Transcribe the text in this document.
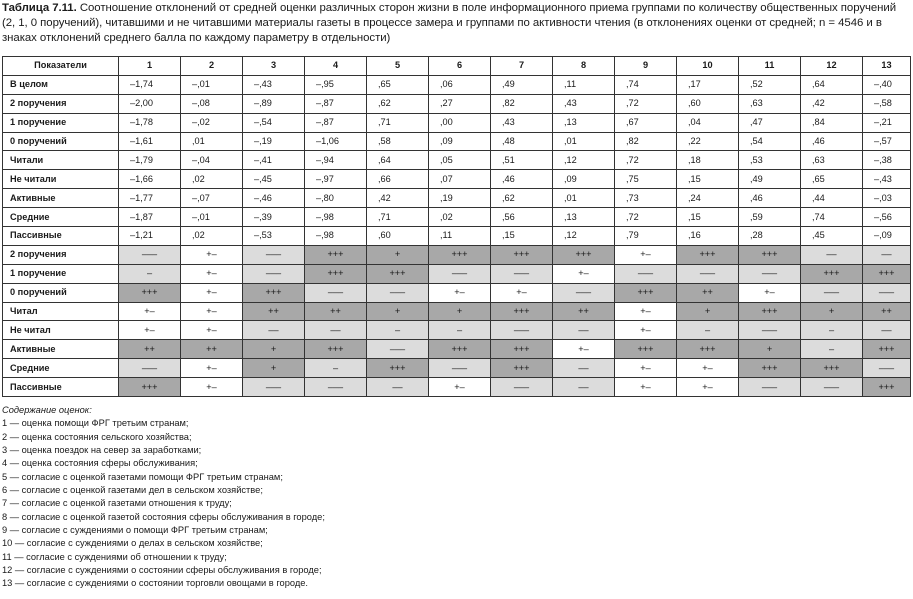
Таблица 7.11. Соотношение отклонений от средней оценки различных сторон жизни в поле информационного приема группами по количеству общественных поручений (2, 1, 0 поручений), читавшими и не читавшими материалы газеты в процессе замера и группами по активности чтения (в отклонениях оценки от средней; n = 4546 и в знаках отклонений среднего балла по каждому параметру в отдельности)
Показатели	1	2	3	4	5	6	7	8	9	10	11	12	13
В целом	–1,74	–,01	–,43	–,95	,65	,06	,49	,11	,74	,17	,52	,64	–,40
2 поручения	–2,00	–,08	–,89	–,87	,62	,27	,82	,43	,72	,60	,63	,42	–,58
1 поручение	–1,78	–,02	–,54	–,87	,71	,00	,43	,13	,67	,04	,47	,84	–,21
0 поручений	–1,61	,01	–,19	–1,06	,58	,09	,48	,01	,82	,22	,54	,46	–,57
Читали	–1,79	–,04	–,41	–,94	,64	,05	,51	,12	,72	,18	,53	,63	–,38
Не читали	–1,66	,02	–,45	–,97	,66	,07	,46	,09	,75	,15	,49	,65	–,43
Активные	–1,77	–,07	–,46	–,80	,42	,19	,62	,01	,73	,24	,46	,44	–,03
Средние	–1,87	–,01	–,39	–,98	,71	,02	,56	,13	,72	,15	,59	,74	–,56
Пассивные	–1,21	,02	–,53	–,98	,60	,11	,15	,12	,79	,16	,28	,45	–,09
2 поручения	–––	+–	–––	+++	+	+++	+++	+++	+–	+++	+++	––	––
1 поручение	–	+–	–––	+++	+++	–––	–––	+–	–––	–––	–––	+++	+++
0 поручений	+++	+–	+++	–––	–––	+–	+–	–––	+++	++	+–	–––	–––
Читал	+–	+–	++	++	+	+	+++	++	+–	+	+++	+	++
Не читал	+–	+–	––	––	–	–	–––	––	+–	–	–––	–	––
Активные	++	++	+	+++	–––	+++	+++	+–	+++	+++	+	–	+++
Средние	–––	+–	+	–	+++	–––	+++	––	+–	+–	+++	+++	–––
Пассивные	+++	+–	–––	–––	––	+–	–––	––	+–	+–	–––	–––	+++
Содержание оценок:
1 — оценка помощи ФРГ третьим странам;
2 — оценка состояния сельского хозяйства;
3 — оценка поездок на север за заработками;
4 — оценка состояния сферы обслуживания;
5 — согласие с оценкой газетами помощи ФРГ третьим странам;
6 — согласие с оценкой газетами дел в сельском хозяйстве;
7 — согласие с оценкой газетами отношения к труду;
8 — согласие с оценкой газетой состояния сферы обслуживания в городе;
9 — согласие с суждениями о помощи ФРГ третьим странам;
10 — согласие с суждениями о делах в сельском хозяйстве;
11 — согласие с суждениями об отношении к труду;
12 — согласие с суждениями о состоянии сферы обслуживания в городе;
13 — согласие с суждениями о состоянии торговли овощами в городе.
